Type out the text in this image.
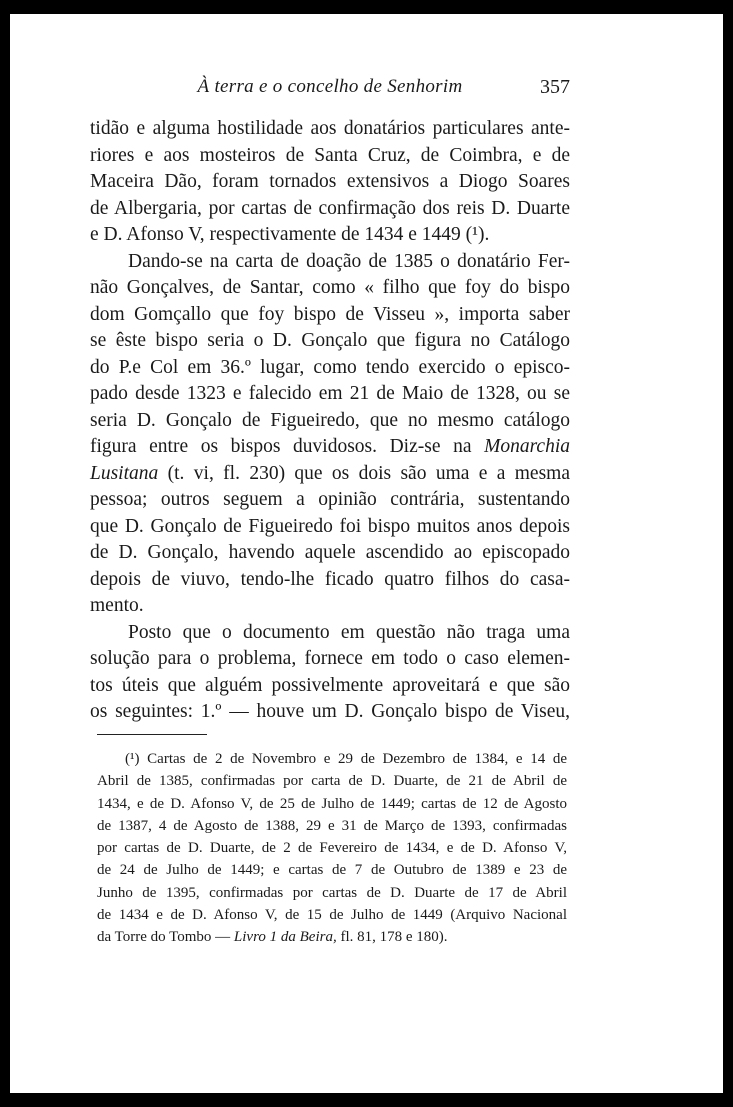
À terra e o concelho de Senhorim	357

tidão e alguma hostilidade aos donatários particulares ante-
riores e aos mosteiros de Santa Cruz, de Coimbra, e de
Maceira Dão, foram tornados extensivos a Diogo Soares
de Albergaria, por cartas de confirmação dos reis D. Duarte
e D. Afonso V, respectivamente de 1434 e 1449 (¹).

Dando-se na carta de doação de 1385 o donatário Fer-
não Gonçalves, de Santar, como « filho que foy do bispo
dom Gomçallo que foy bispo de Visseu », importa saber
se êste bispo seria o D. Gonçalo que figura no Catálogo
do P.e Col em 36.º lugar, como tendo exercido o episco-
pado desde 1323 e falecido em 21 de Maio de 1328, ou se
seria D. Gonçalo de Figueiredo, que no mesmo catálogo
figura entre os bispos duvidosos. Diz-se na Monarchia
Lusitana (t. vi, fl. 230) que os dois são uma e a mesma
pessoa; outros seguem a opinião contrária, sustentando
que D. Gonçalo de Figueiredo foi bispo muitos anos depois
de D. Gonçalo, havendo aquele ascendido ao episcopado
depois de viuvo, tendo-lhe ficado quatro filhos do casa-
mento.

Posto que o documento em questão não traga uma
solução para o problema, fornece em todo o caso elemen-
tos úteis que alguém possivelmente aproveitará e que são
os seguintes: 1.º — houve um D. Gonçalo bispo de Viseu,

(¹) Cartas de 2 de Novembro e 29 de Dezembro de 1384, e 14 de
Abril de 1385, confirmadas por carta de D. Duarte, de 21 de Abril de
1434, e de D. Afonso V, de 25 de Julho de 1449; cartas de 12 de Agosto
de 1387, 4 de Agosto de 1388, 29 e 31 de Março de 1393, confirmadas
por cartas de D. Duarte, de 2 de Fevereiro de 1434, e de D. Afonso V,
de 24 de Julho de 1449; e cartas de 7 de Outubro de 1389 e 23 de
Junho de 1395, confirmadas por cartas de D. Duarte de 17 de Abril
de 1434 e de D. Afonso V, de 15 de Julho de 1449 (Arquivo Nacional
da Torre do Tombo — Livro 1 da Beira, fl. 81, 178 e 180).
